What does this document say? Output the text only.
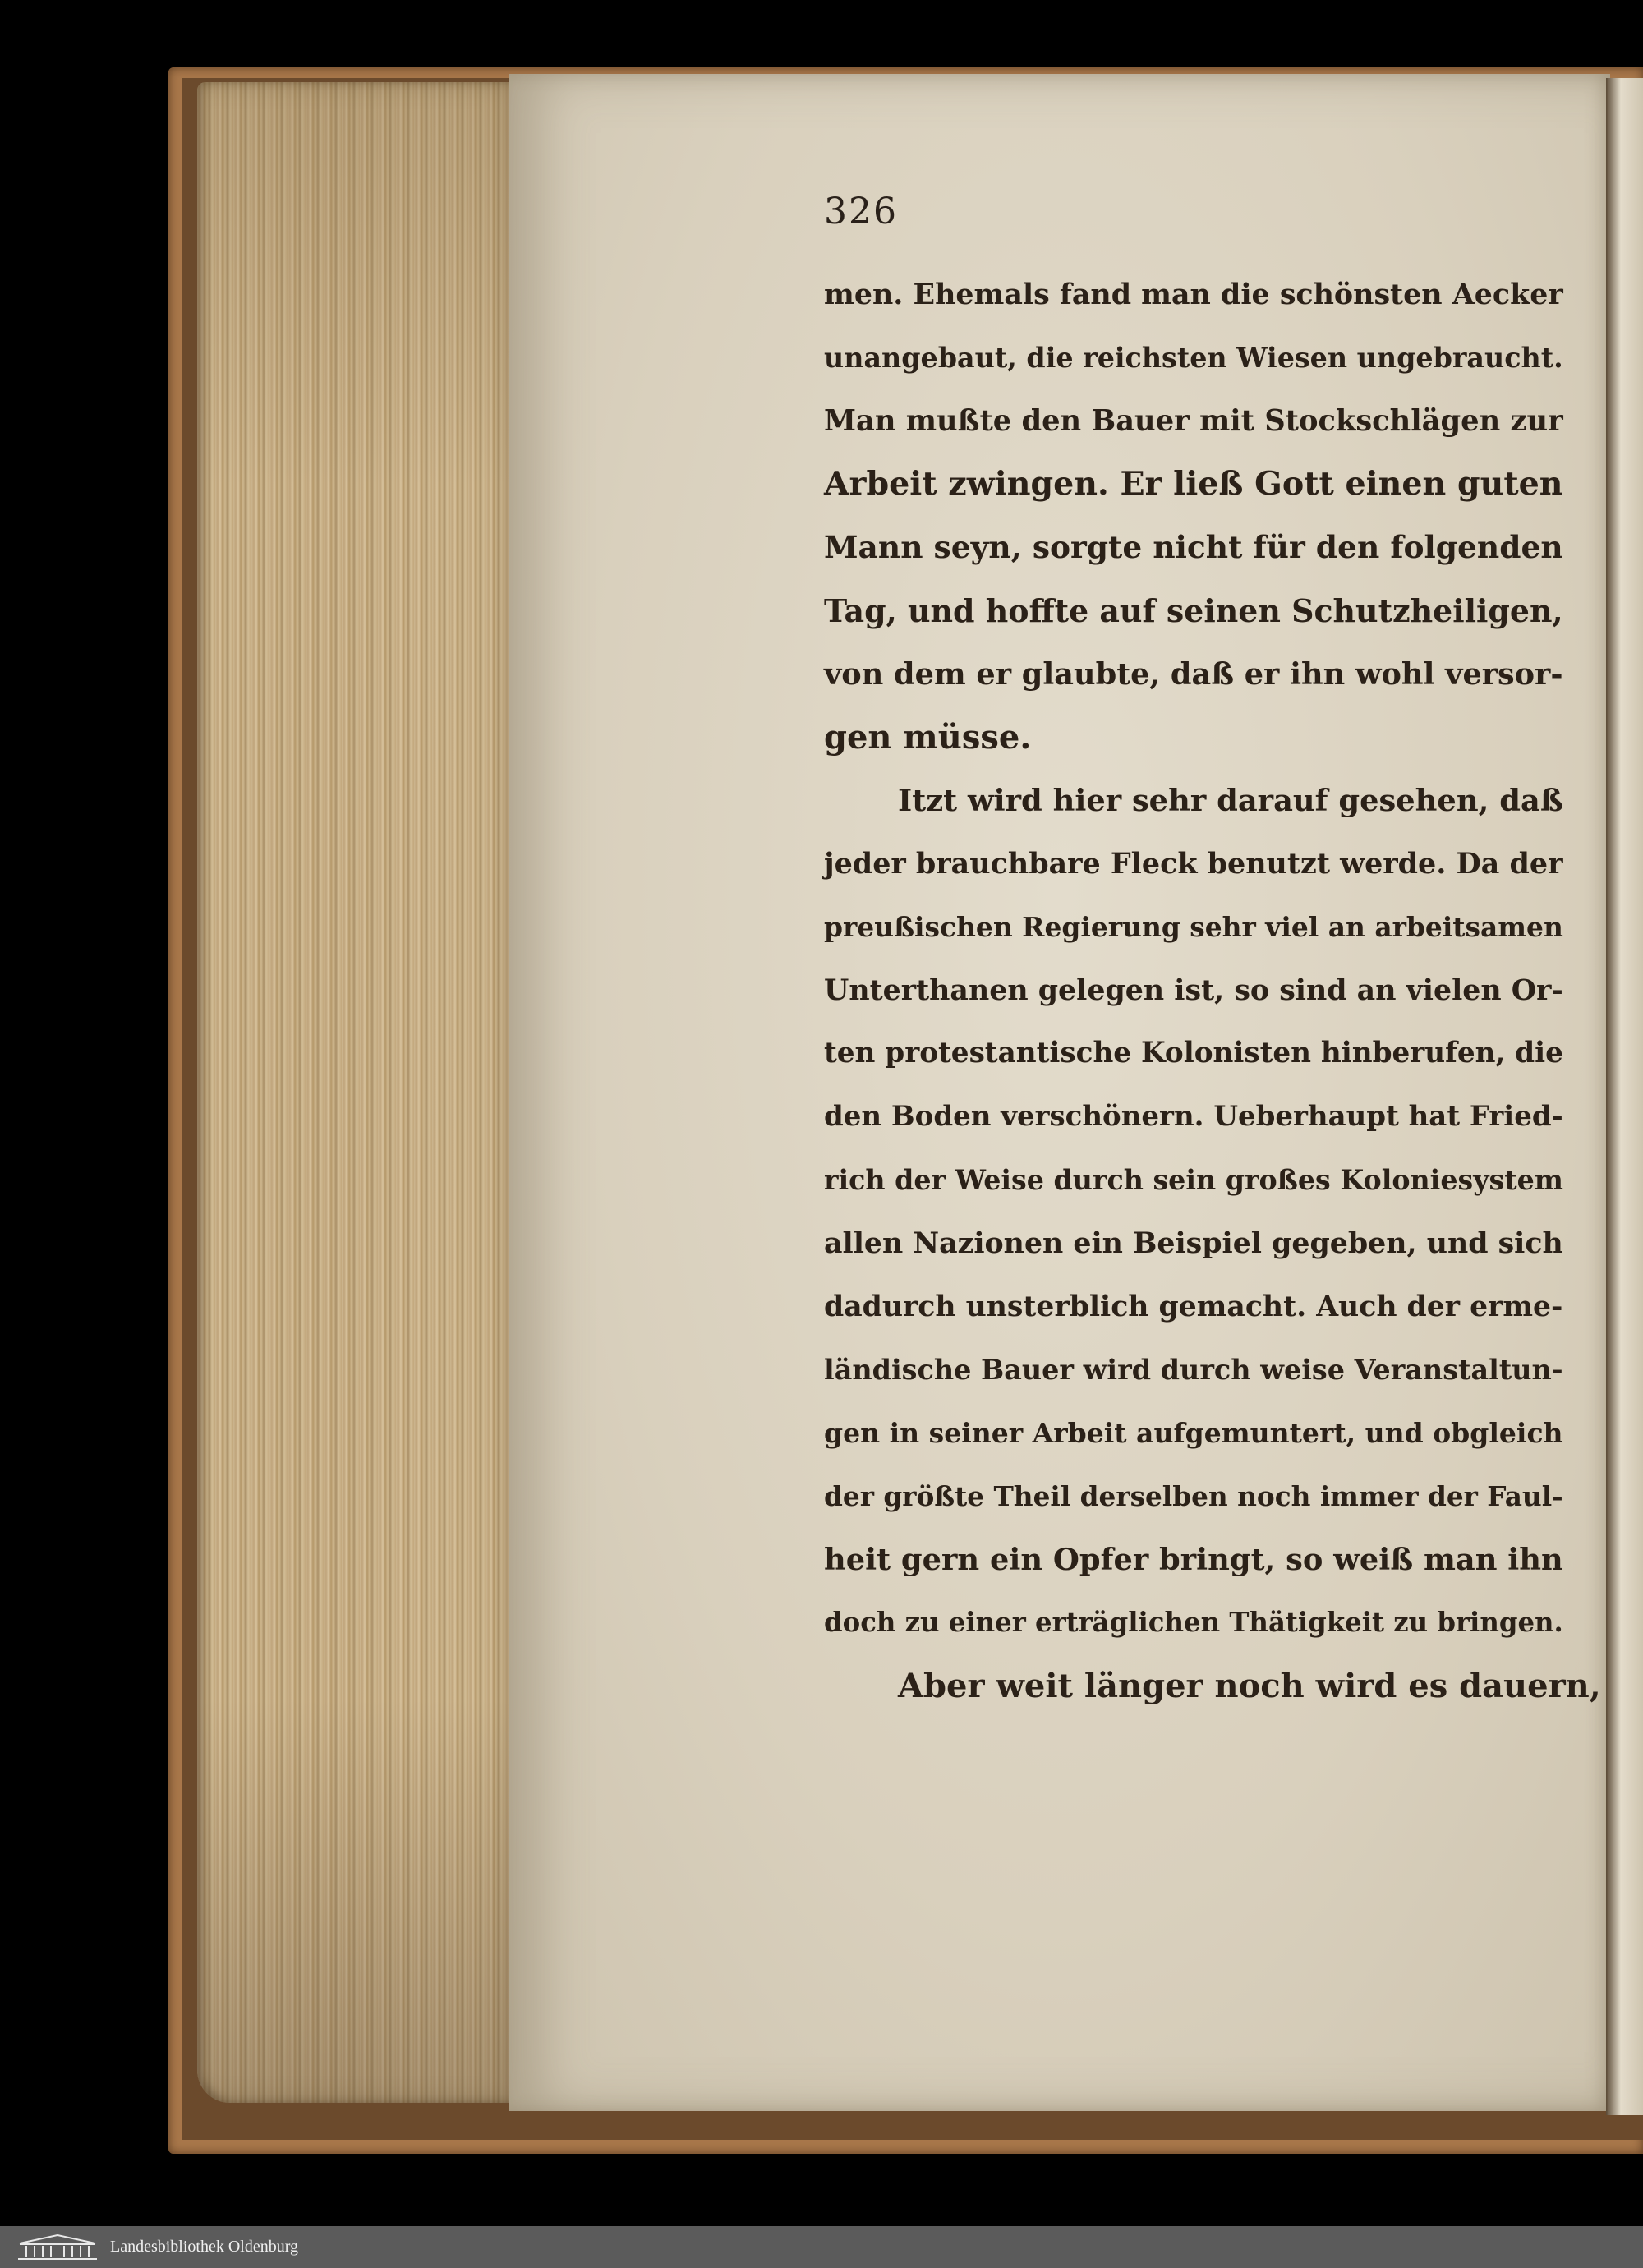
326
men. Ehemals fand man die schönsten Aecker
unangebaut, die reichsten Wiesen ungebraucht.
Man mußte den Bauer mit Stockschlägen zur
Arbeit zwingen. Er ließ Gott einen guten
Mann seyn, sorgte nicht für den folgenden
Tag, und hoffte auf seinen Schutzheiligen,
von dem er glaubte, daß er ihn wohl versor-
gen müsse.
Itzt wird hier sehr darauf gesehen, daß
jeder brauchbare Fleck benutzt werde. Da der
preußischen Regierung sehr viel an arbeitsamen
Unterthanen gelegen ist, so sind an vielen Or-
ten protestantische Kolonisten hinberufen, die
den Boden verschönern. Ueberhaupt hat Fried-
rich der Weise durch sein großes Koloniesystem
allen Nazionen ein Beispiel gegeben, und sich
dadurch unsterblich gemacht. Auch der erme-
ländische Bauer wird durch weise Veranstaltun-
gen in seiner Arbeit aufgemuntert, und obgleich
der größte Theil derselben noch immer der Faul-
heit gern ein Opfer bringt, so weiß man ihn
doch zu einer erträglichen Thätigkeit zu bringen.
Aber weit länger noch wird es dauern,
Landesbibliothek Oldenburg
